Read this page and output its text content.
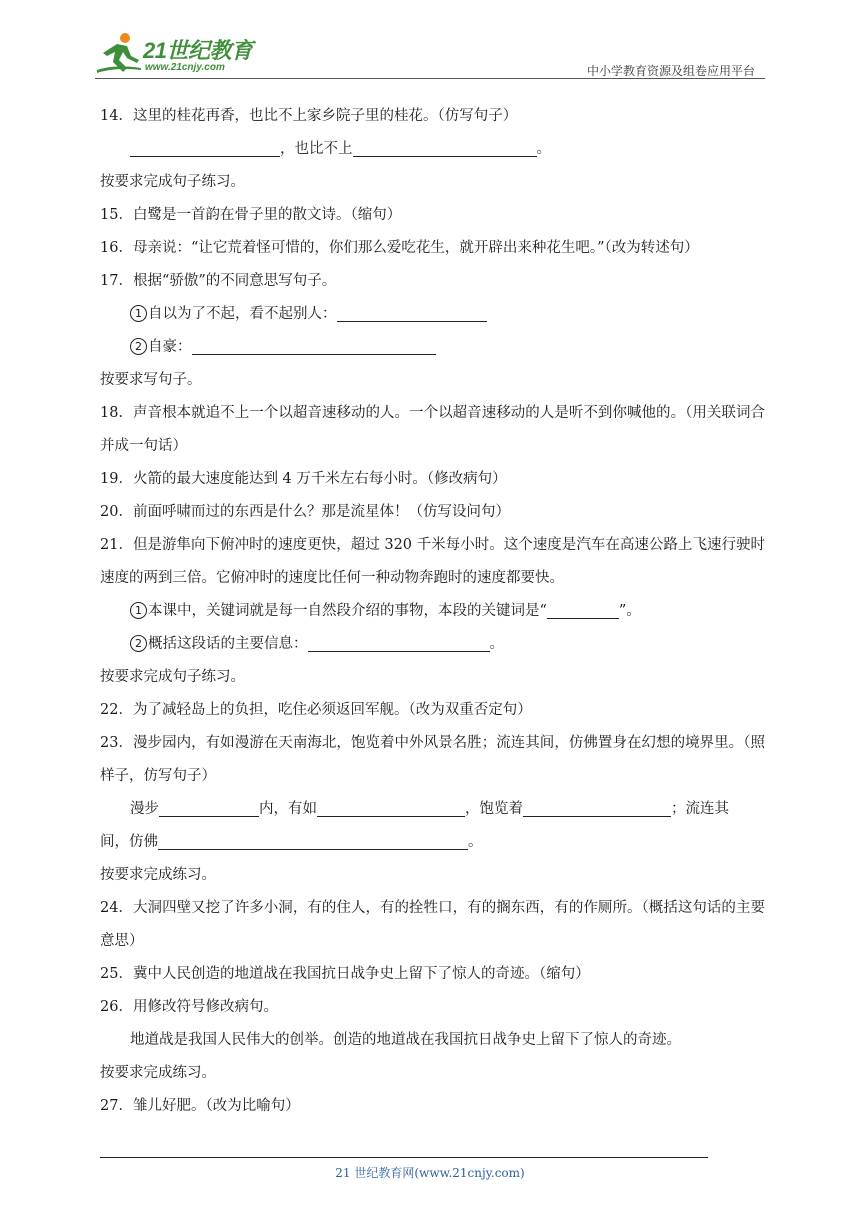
21世纪教育
www.21cnjy.com	中小学教育资源及组卷应用平台

14．这里的桂花再香，也比不上家乡院子里的桂花。（仿写句子）

，也比不上	。

按要求完成句子练习。

15．白鹭是一首韵在骨子里的散文诗。（缩句）

16．母亲说：“让它荒着怪可惜的，你们那么爱吃花生，就开辟出来种花生吧。”（改为转述句）

17．根据“骄傲”的不同意思写句子。

1 自以为了不起，看不起别人：

2 自豪：

按要求写句子。

18．声音根本就追不上一个以超音速移动的人。一个以超音速移动的人是听不到你喊他的。（用关联词合并成一句话）

19．火箭的最大速度能达到 4 万千米左右每小时。（修改病句）

20．前面呼啸而过的东西是什么？那是流星体！（仿写设问句）

21．但是游隼向下俯冲时的速度更快，超过 320 千米每小时。这个速度是汽车在高速公路上飞速行驶时速度的两到三倍。它俯冲时的速度比任何一种动物奔跑时的速度都要快。

1 本课中，关键词就是每一自然段介绍的事物，本段的关键词是“	”。

2 概括这段话的主要信息：	。

按要求完成句子练习。

22．为了减轻岛上的负担，吃住必须返回军舰。（改为双重否定句）

23．漫步园内，有如漫游在天南海北，饱览着中外风景名胜；流连其间，仿佛置身在幻想的境界里。（照样子，仿写句子）

漫步	内，有如	，饱览着	；流连其

间，仿佛	。

按要求完成练习。

24．大洞四壁又挖了许多小洞，有的住人，有的拴牲口，有的搁东西，有的作厕所。（概括这句话的主要意思）

25．冀中人民创造的地道战在我国抗日战争史上留下了惊人的奇迹。（缩句）

26．用修改符号修改病句。

地道战是我国人民伟大的创举。创造的地道战在我国抗日战争史上留下了惊人的奇迹。

按要求完成练习。

27．雏儿好肥。（改为比喻句）

21 世纪教育网(www.21cnjy.com)
